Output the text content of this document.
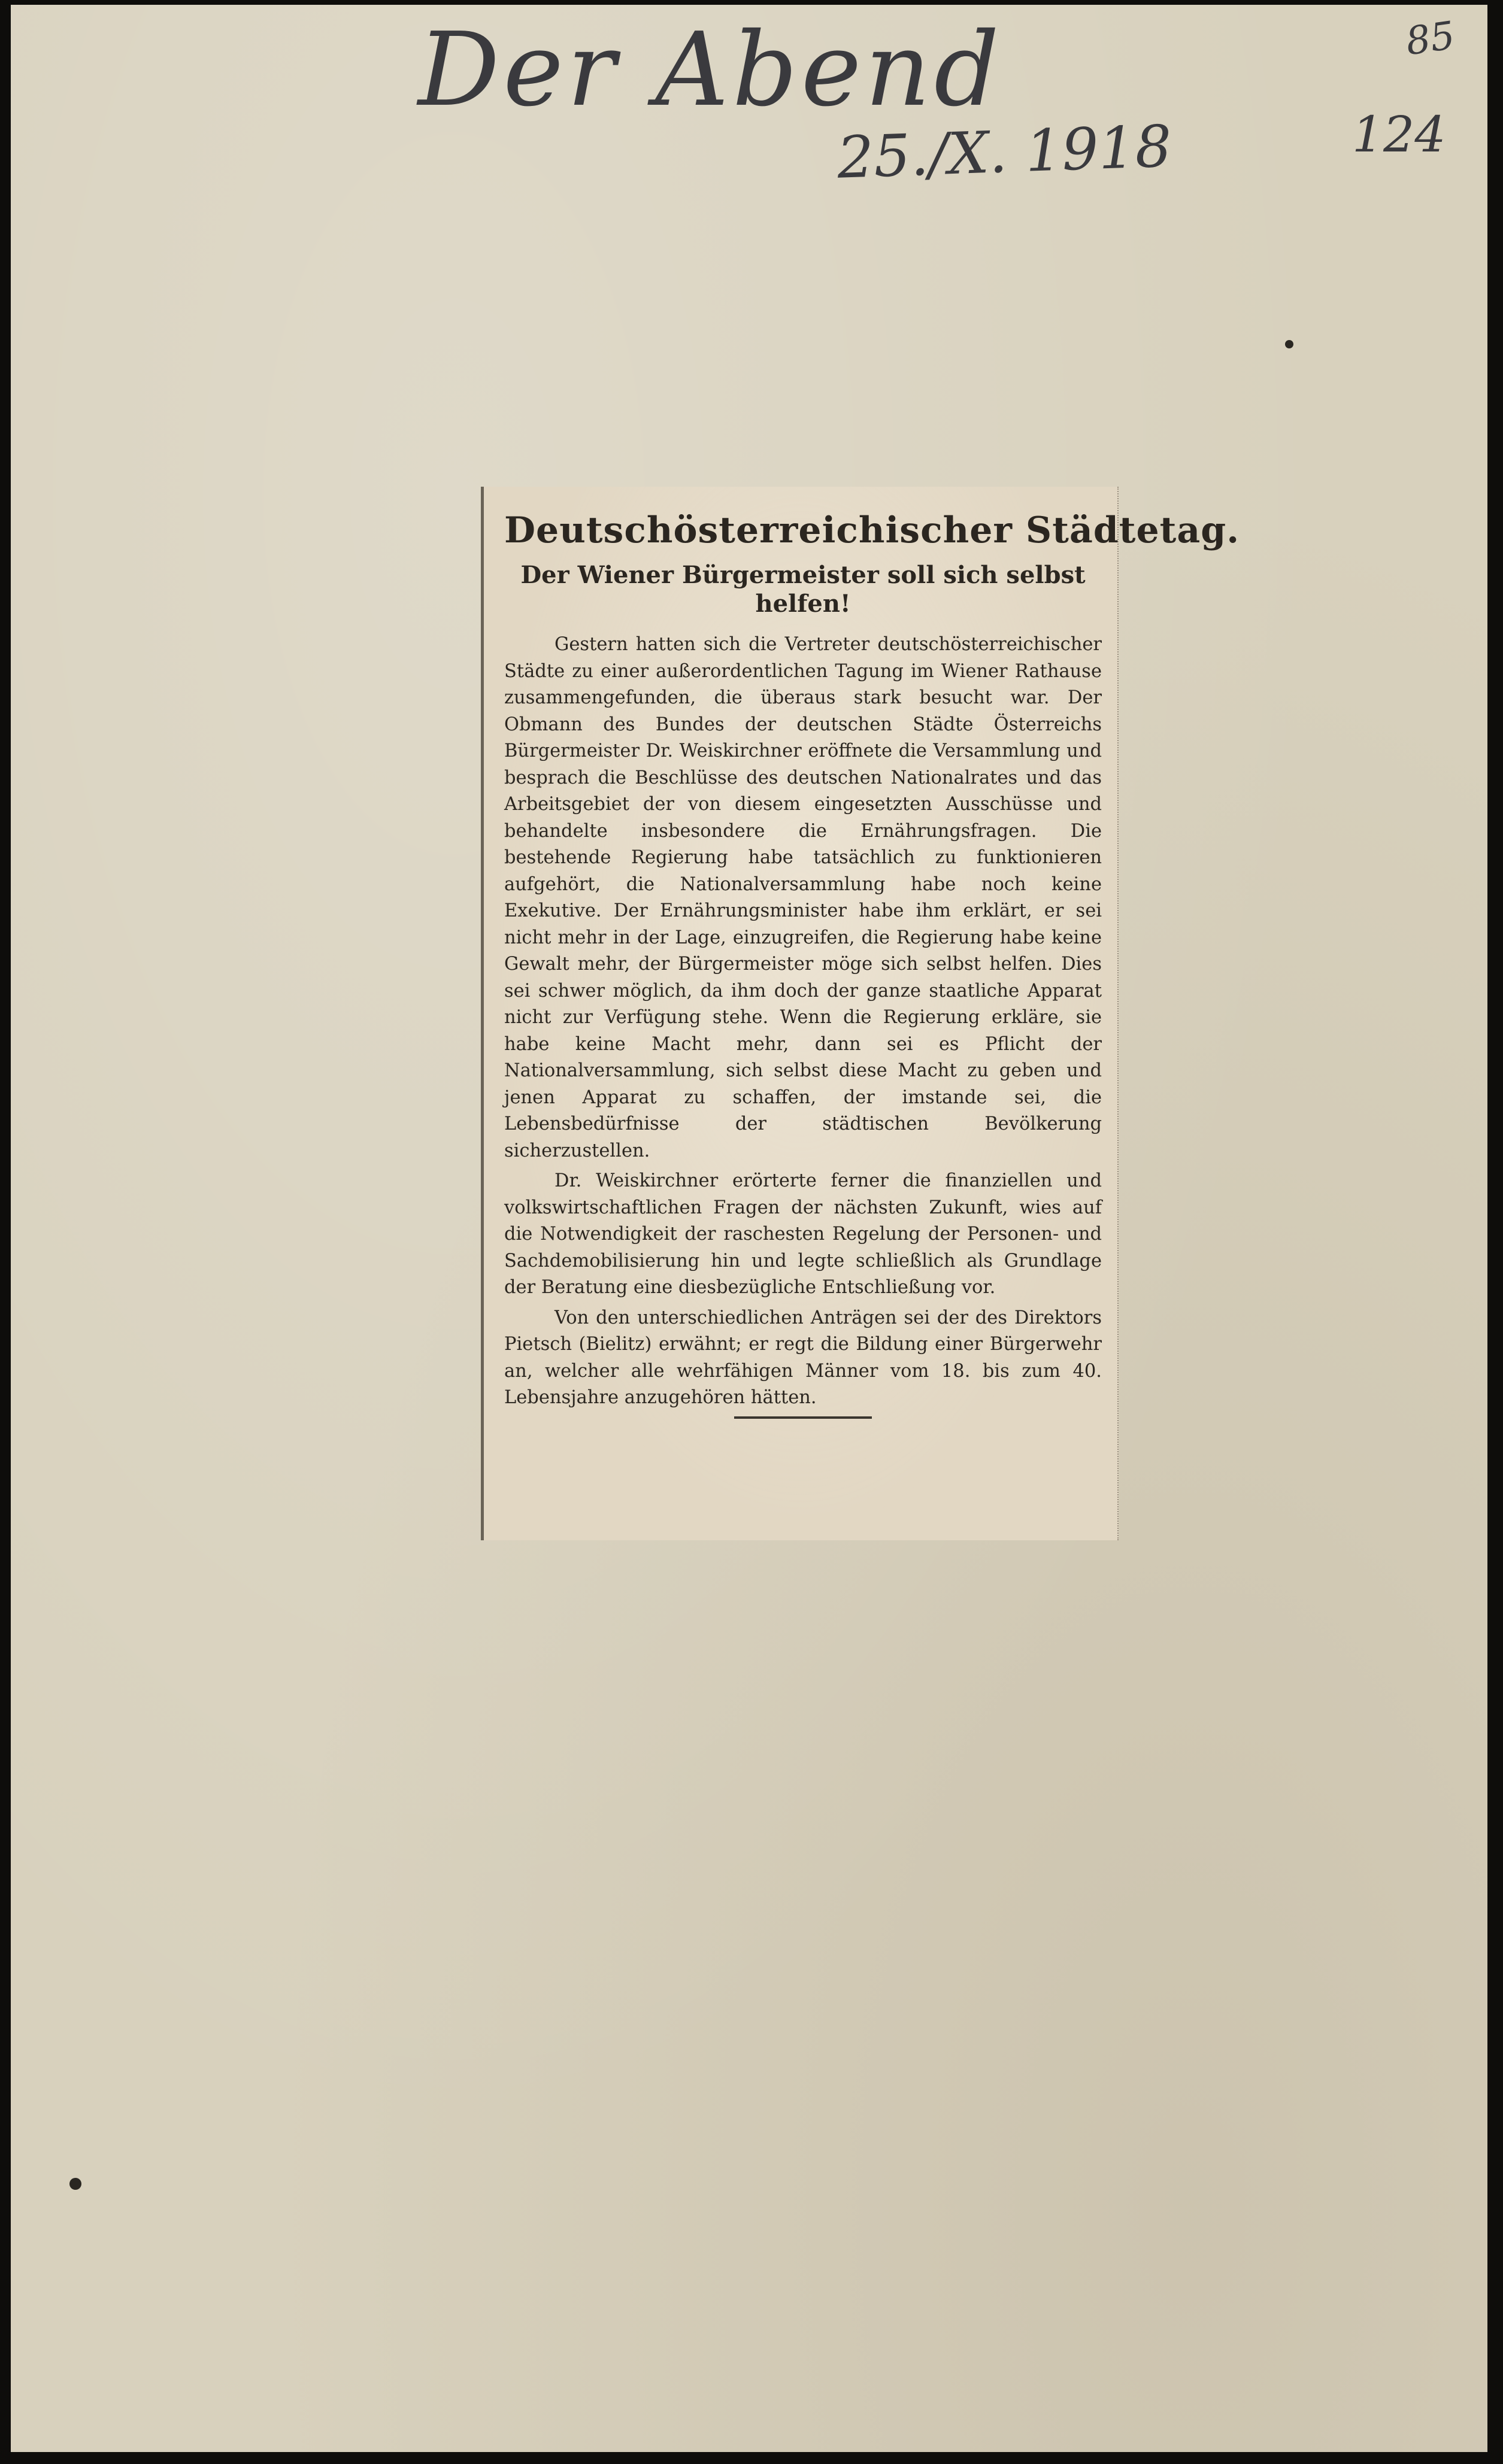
Der Abend
25./X. 1918	124
85
Deutschösterreichischer Städtetag.
Der Wiener Bürgermeister soll sich selbst helfen!

Gestern hatten sich die Vertreter deutschösterreichischer Städte zu einer außerordentlichen Tagung im Wiener Rathause zusammengefunden, die überaus stark besucht war. Der Obmann des Bundes der deutschen Städte Österreichs Bürgermeister Dr. Weiskirchner eröffnete die Versammlung und besprach die Beschlüsse des deutschen Nationalrates und das Arbeitsgebiet der von diesem eingesetzten Ausschüsse und behandelte insbesondere die Ernährungsfragen. Die bestehende Regierung habe tatsächlich zu funktionieren aufgehört, die Nationalversammlung habe noch keine Exekutive. Der Ernährungsminister habe ihm erklärt, er sei nicht mehr in der Lage, einzugreifen, die Regierung habe keine Gewalt mehr, der Bürgermeister möge sich selbst helfen. Dies sei schwer möglich, da ihm doch der ganze staatliche Apparat nicht zur Verfügung stehe. Wenn die Regierung erkläre, sie habe keine Macht mehr, dann sei es Pflicht der Nationalversammlung, sich selbst diese Macht zu geben und jenen Apparat zu schaffen, der imstande sei, die Lebensbedürfnisse der städtischen Bevölkerung sicherzustellen.

Dr. Weiskirchner erörterte ferner die finanziellen und volkswirtschaftlichen Fragen der nächsten Zukunft, wies auf die Notwendigkeit der raschesten Regelung der Personen- und Sachdemobilisierung hin und legte schließlich als Grundlage der Beratung eine diesbezügliche Entschließung vor.

Von den unterschiedlichen Anträgen sei der des Direktors Pietsch (Bielitz) erwähnt; er regt die Bildung einer Bürgerwehr an, welcher alle wehrfähigen Männer vom 18. bis zum 40. Lebensjahre anzugehören hätten.
